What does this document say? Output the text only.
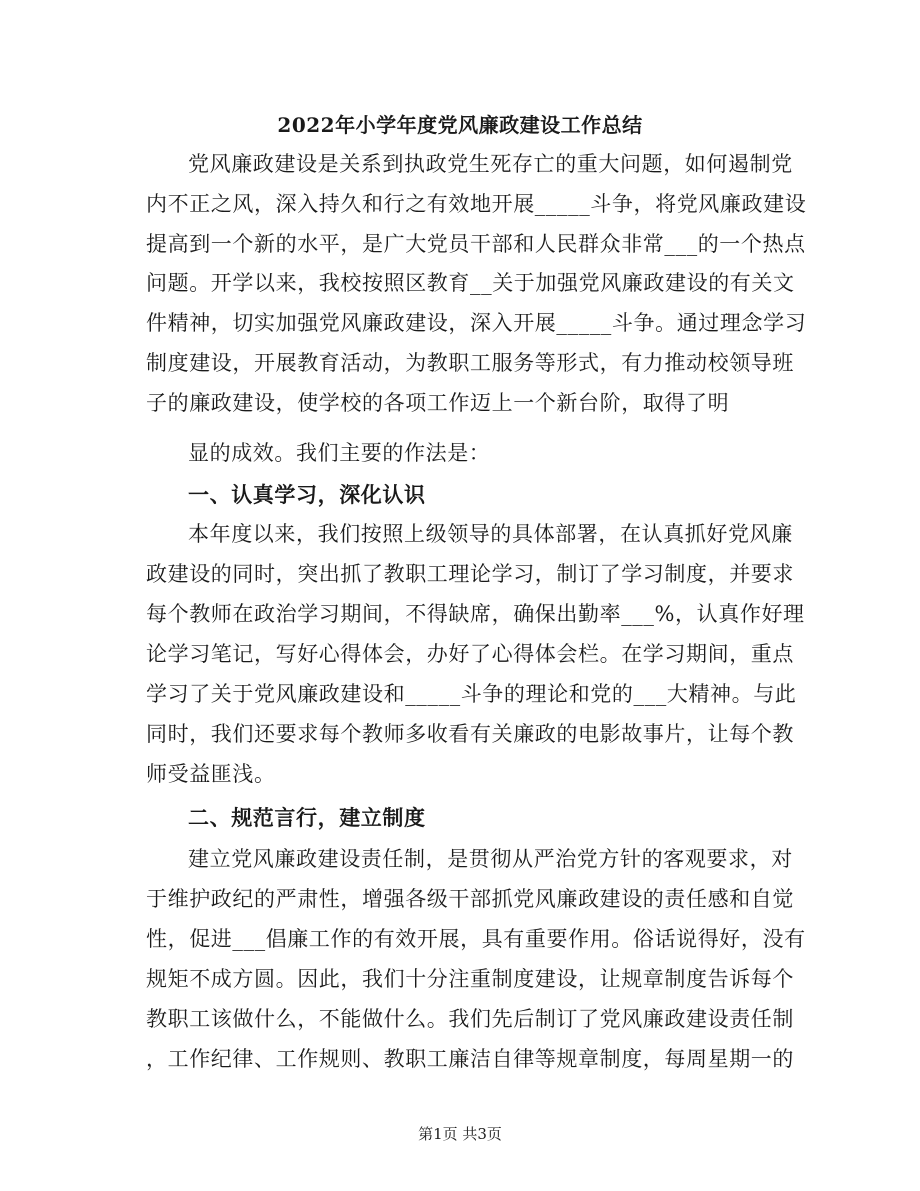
2022年小学年度党风廉政建设工作总结
党风廉政建设是关系到执政党生死存亡的重大问题，如何遏制党
内不正之风，深入持久和行之有效地开展_____斗争，将党风廉政建设
提高到一个新的水平，是广大党员干部和人民群众非常___的一个热点
问题。开学以来，我校按照区教育__关于加强党风廉政建设的有关文
件精神，切实加强党风廉政建设，深入开展_____斗争。通过理念学习
制度建设，开展教育活动，为教职工服务等形式，有力推动校领导班
子的廉政建设，使学校的各项工作迈上一个新台阶，取得了明
显的成效。我们主要的作法是：
一、认真学习，深化认识
本年度以来，我们按照上级领导的具体部署，在认真抓好党风廉
政建设的同时，突出抓了教职工理论学习，制订了学习制度，并要求
每个教师在政治学习期间，不得缺席，确保出勤率___%，认真作好理
论学习笔记，写好心得体会，办好了心得体会栏。在学习期间，重点
学习了关于党风廉政建设和_____斗争的理论和党的___大精神。与此
同时，我们还要求每个教师多收看有关廉政的电影故事片，让每个教
师受益匪浅。
二、规范言行，建立制度
建立党风廉政建设责任制，是贯彻从严治党方针的客观要求，对
于维护政纪的严肃性，增强各级干部抓党风廉政建设的责任感和自觉
性，促进___倡廉工作的有效开展，具有重要作用。俗话说得好，没有
规矩不成方圆。因此，我们十分注重制度建设，让规章制度告诉每个
教职工该做什么，不能做什么。我们先后制订了党风廉政建设责任制
，工作纪律、工作规则、教职工廉洁自律等规章制度，每周星期一的
第1页 共3页
